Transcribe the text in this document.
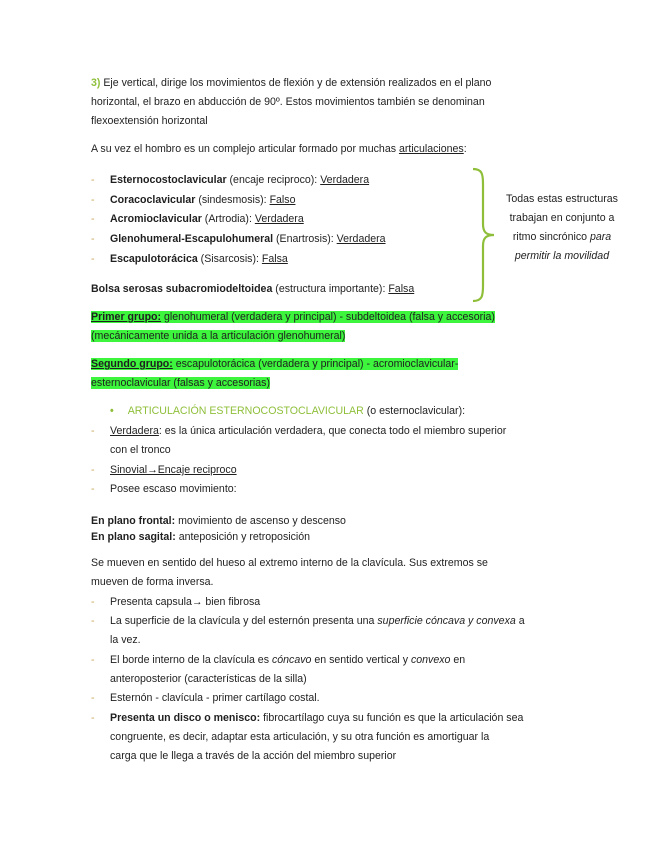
3) Eje vertical, dirige los movimientos de flexión y de extensión realizados en el plano
horizontal, el brazo en abducción de 90º. Estos movimientos también se denominan
flexoextensión horizontal
A su vez el hombro es un complejo articular formado por muchas articulaciones:
- Esternocostoclavicular (encaje reciproco): Verdadera
- Coracoclavicular (sindesmosis): Falso
- Acromioclavicular (Artrodia): Verdadera
- Glenohumeral-Escapulohumeral (Enartrosis): Verdadera
- Escapulotorácica (Sisarcosis): Falsa
Bolsa serosas subacromiodeltoidea (estructura importante): Falsa
Todas estas estructuras
trabajan en conjunto a
ritmo sincrónico para
permitir la movilidad
Primer grupo: glenohumeral (verdadera y principal) - subdeltoidea (falsa y accesoria)
(mecánicamente unida a la articulación glenohumeral)
Segundo grupo: escapulotorácica (verdadera y principal) - acromioclavicular-
esternoclavicular (falsas y accesorias)
• ARTICULACIÓN ESTERNOCOSTOCLAVICULAR (o esternoclavicular):
- Verdadera: es la única articulación verdadera, que conecta todo el miembro superior
con el tronco
- Sinovial→Encaje reciproco
- Posee escaso movimiento:
En plano frontal: movimiento de ascenso y descenso
En plano sagital: anteposición y retroposición
Se mueven en sentido del hueso al extremo interno de la clavícula. Sus extremos se
mueven de forma inversa.
- Presenta capsula→ bien fibrosa
- La superficie de la clavícula y del esternón presenta una superficie cóncava y convexa a
la vez.
- El borde interno de la clavícula es cóncavo en sentido vertical y convexo en
anteroposterior (características de la silla)
- Esternón - clavícula - primer cartílago costal.
- Presenta un disco o menisco: fibrocartílago cuya su función es que la articulación sea
congruente, es decir, adaptar esta articulación, y su otra función es amortiguar la
carga que le llega a través de la acción del miembro superior
